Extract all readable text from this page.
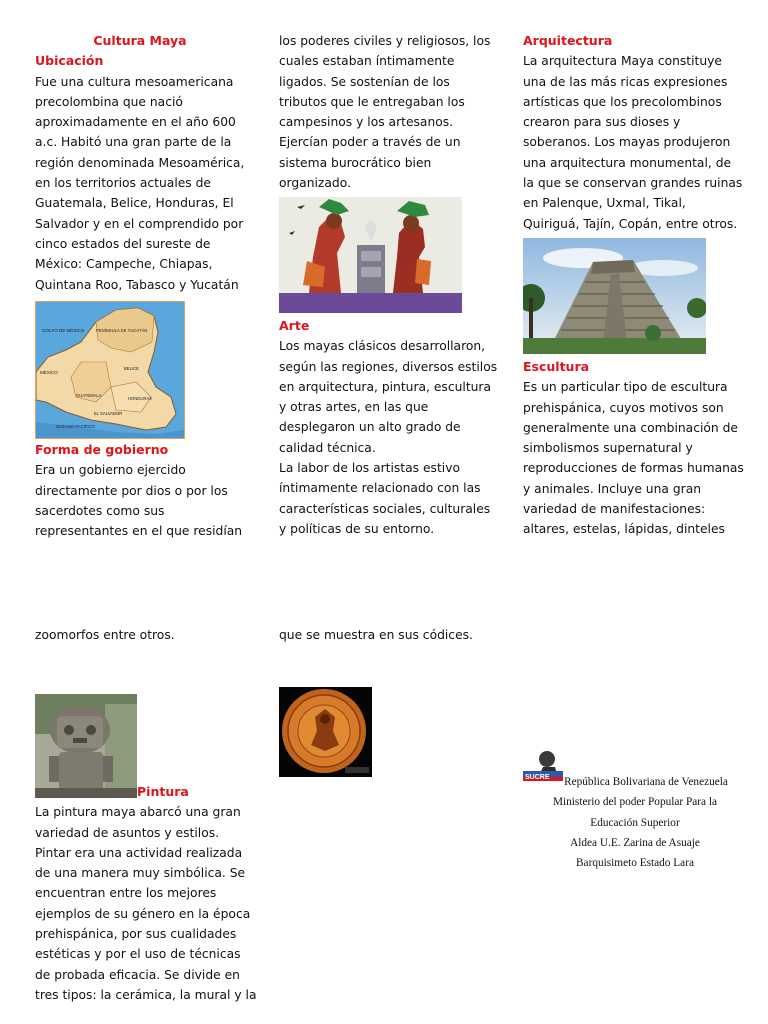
Cultura Maya
Ubicación
Fue una cultura mesoamericana
precolombina que nació
aproximadamente en el año 600
a.c. Habitó una gran parte de la
región denominada Mesoamérica,
en los territorios actuales de
Guatemala, Belice, Honduras, El
Salvador y en el comprendido por
cinco estados del sureste de
México: Campeche, Chiapas,
Quintana Roo, Tabasco y Yucatán
GOLFO DE MÉXICO	PENÍNSULA DE YUCATÁN
MÉXICO
GUATEMALA
BELICE
HONDURAS
EL SALVADOR
OCÉANO PACÍFICO
Forma de gobierno
Era un gobierno ejercido
directamente por dios o por los
sacerdotes como sus
representantes en el que residían
zoomorfos entre otros.
Pintura
La pintura maya abarcó una gran
variedad de asuntos y estilos.
Pintar era una actividad realizada
de una manera muy simbólica. Se
encuentran entre los mejores
ejemplos de su género en la época
prehispánica, por sus cualidades
estéticas y por el uso de técnicas
de probada eficacia. Se divide en
tres tipos: la cerámica, la mural y la
los poderes civiles y religiosos, los
cuales estaban íntimamente
ligados. Se sostenían de los
tributos que le entregaban los
campesinos y los artesanos.
Ejercían poder a través de un
sistema burocrático bien
organizado.
Arte
Los mayas clásicos desarrollaron,
según las regiones, diversos estilos
en arquitectura, pintura, escultura
y otras artes, en las que
desplegaron un alto grado de
calidad técnica.
La labor de los artistas estivo
íntimamente relacionado con las
características sociales, culturales
y políticas de su entorno.
que se muestra en sus códices.
Arquitectura
La arquitectura Maya constituye
una de las más ricas expresiones
artísticas que los precolombinos
crearon para sus dioses y
soberanos. Los mayas produjeron
una arquitectura monumental, de
la que se conservan grandes ruinas
en Palenque, Uxmal, Tikal,
Quiriguá, Tajín, Copán, entre otros.
Escultura
Es un particular tipo de escultura
prehispánica, cuyos motivos son
generalmente una combinación de
simbolismos supernatural y
reproducciones de formas humanas
y animales. Incluye una gran
variedad de manifestaciones:
altares, estelas, lápidas, dinteles
SUCRE	República Bolivariana de Venezuela
Ministerio del poder Popular Para la
Educación Superior
Aldea U.E. Zarina de Asuaje
Barquisimeto Estado Lara
